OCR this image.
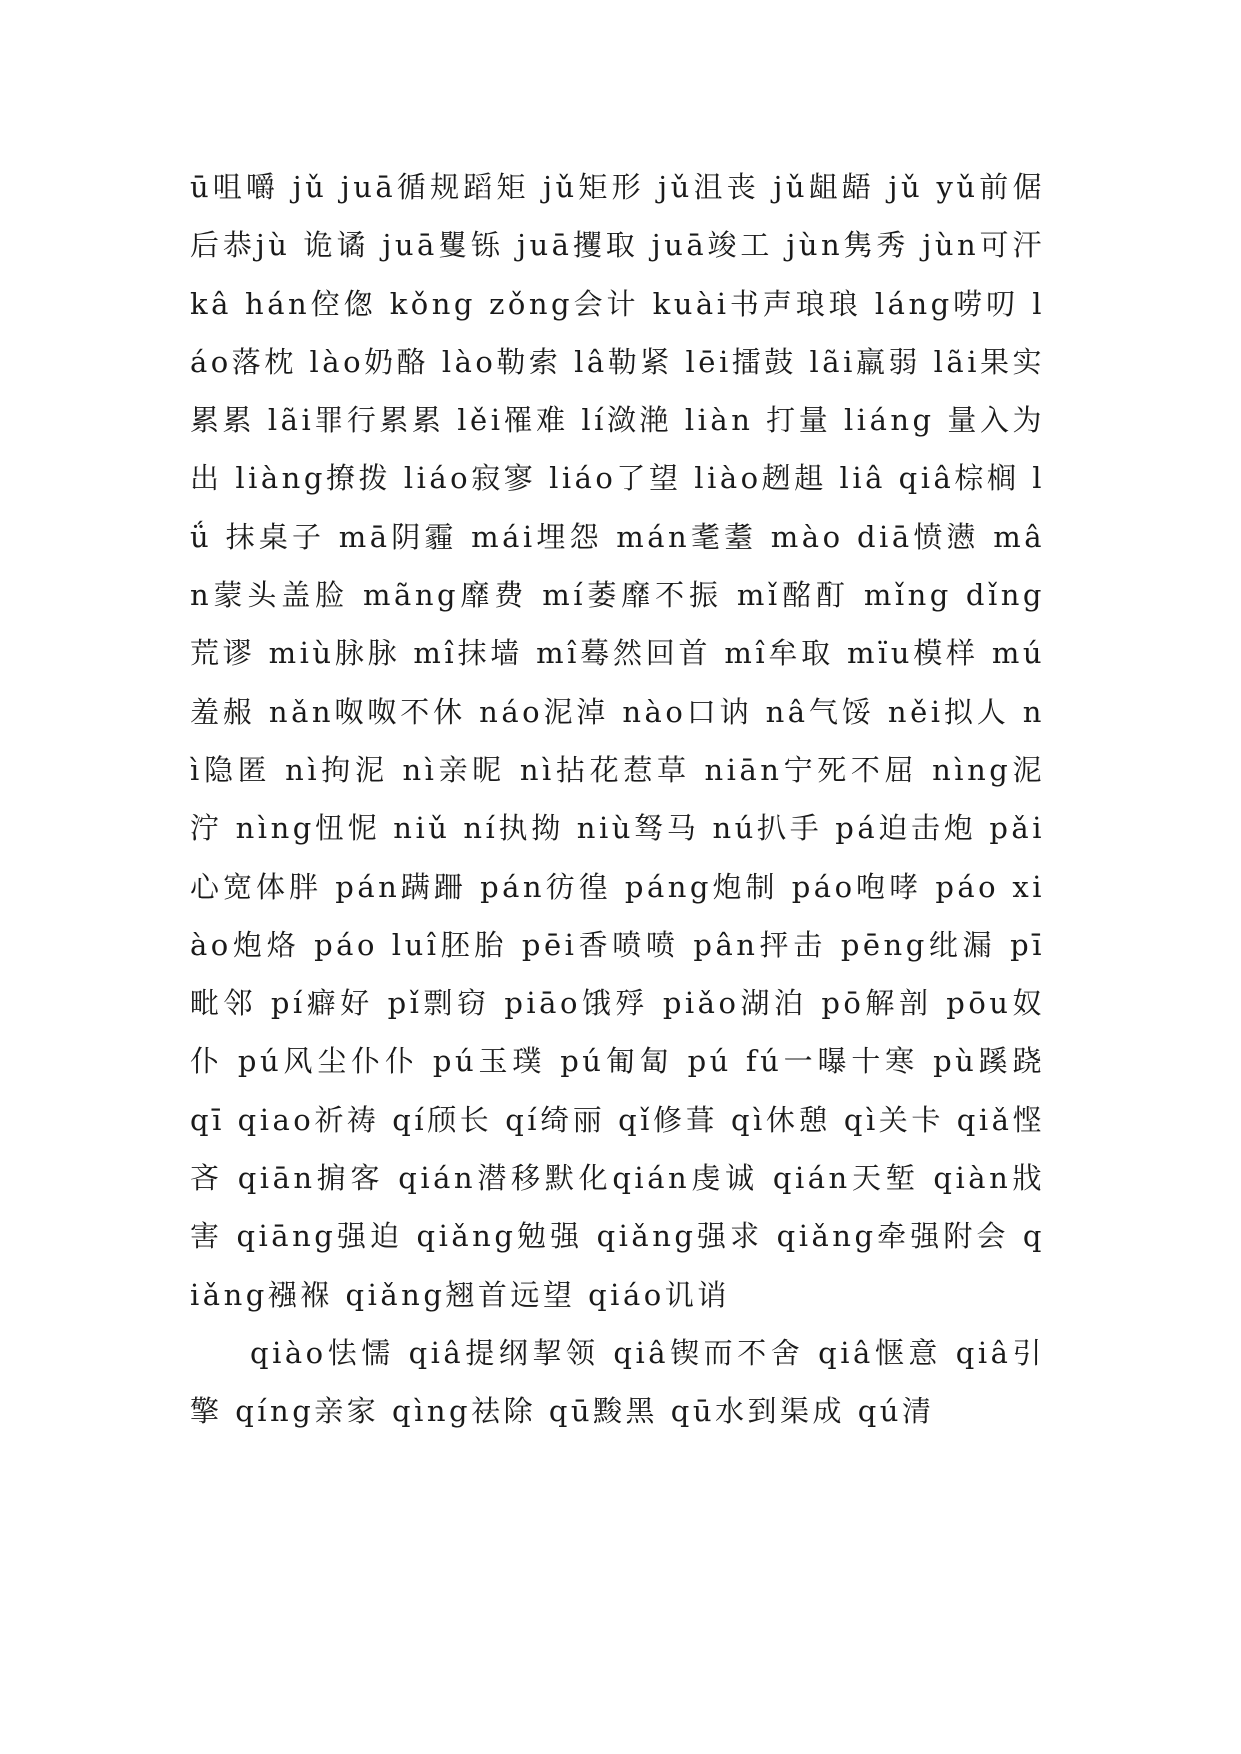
ū咀嚼 jǔ juā循规蹈矩 jǔ矩形 jǔ沮丧 jǔ龃龉 jǔ yǔ前倨后恭jù 诡谲 juā矍铄 juā攫取 juā竣工 jùn隽秀 jùn可汗 kâ hán倥偬 kǒng zǒng会计 kuài书声琅琅 láng唠叨 láo落枕 lào奶酪 lào勒索 lâ勒紧 lēi擂鼓 lãi羸弱 lãi果实累累 lãi罪行累累 lěi罹难 lí潋滟 liàn 打量 liáng 量入为出 liàng撩拨 liáo寂寥 liáo了望 liào趔趄 liâ qiâ棕榈 lǘ 抹桌子 mā阴霾 mái埋怨 mán耄耋 mào diā愤懑 mân蒙头盖脸 mãng靡费 mí萎靡不振 mǐ酩酊 mǐng dǐng荒谬 miù脉脉 mî抹墙 mî蓦然回首 mî牟取 mïu模样 mú羞赧 nǎn呶呶不休 náo泥淖 nào口讷 nâ气馁 něi拟人 nì隐匿 nì拘泥 nì亲昵 nì拈花惹草 niān宁死不屈 nìng泥泞 nìng忸怩 niǔ ní执拗 niù驽马 nú扒手 pá迫击炮 pǎi心宽体胖 pán蹒跚 pán彷徨 páng炮制 páo咆哮 páo xiào炮烙 páo luî胚胎 pēi香喷喷 pân抨击 pēng纰漏 pī毗邻 pí癖好 pǐ剽窃 piāo饿殍 piǎo湖泊 pō解剖 pōu奴仆 pú风尘仆仆 pú玉璞 pú匍匐 pú fú一曝十寒 pù蹊跷 qī qiao祈祷 qí颀长 qí绮丽 qǐ修葺 qì休憩 qì关卡 qiǎ悭吝 qiān掮客 qián潜移默化qián虔诚 qián天堑 qiàn戕害 qiāng强迫 qiǎng勉强 qiǎng强求 qiǎng牵强附会 qiǎng襁褓 qiǎng翘首远望 qiáo讥诮

qiào怯懦 qiâ提纲挈领 qiâ锲而不舍 qiâ惬意 qiâ引擎 qíng亲家 qìng祛除 qū黢黑 qū水到渠成 qú清
